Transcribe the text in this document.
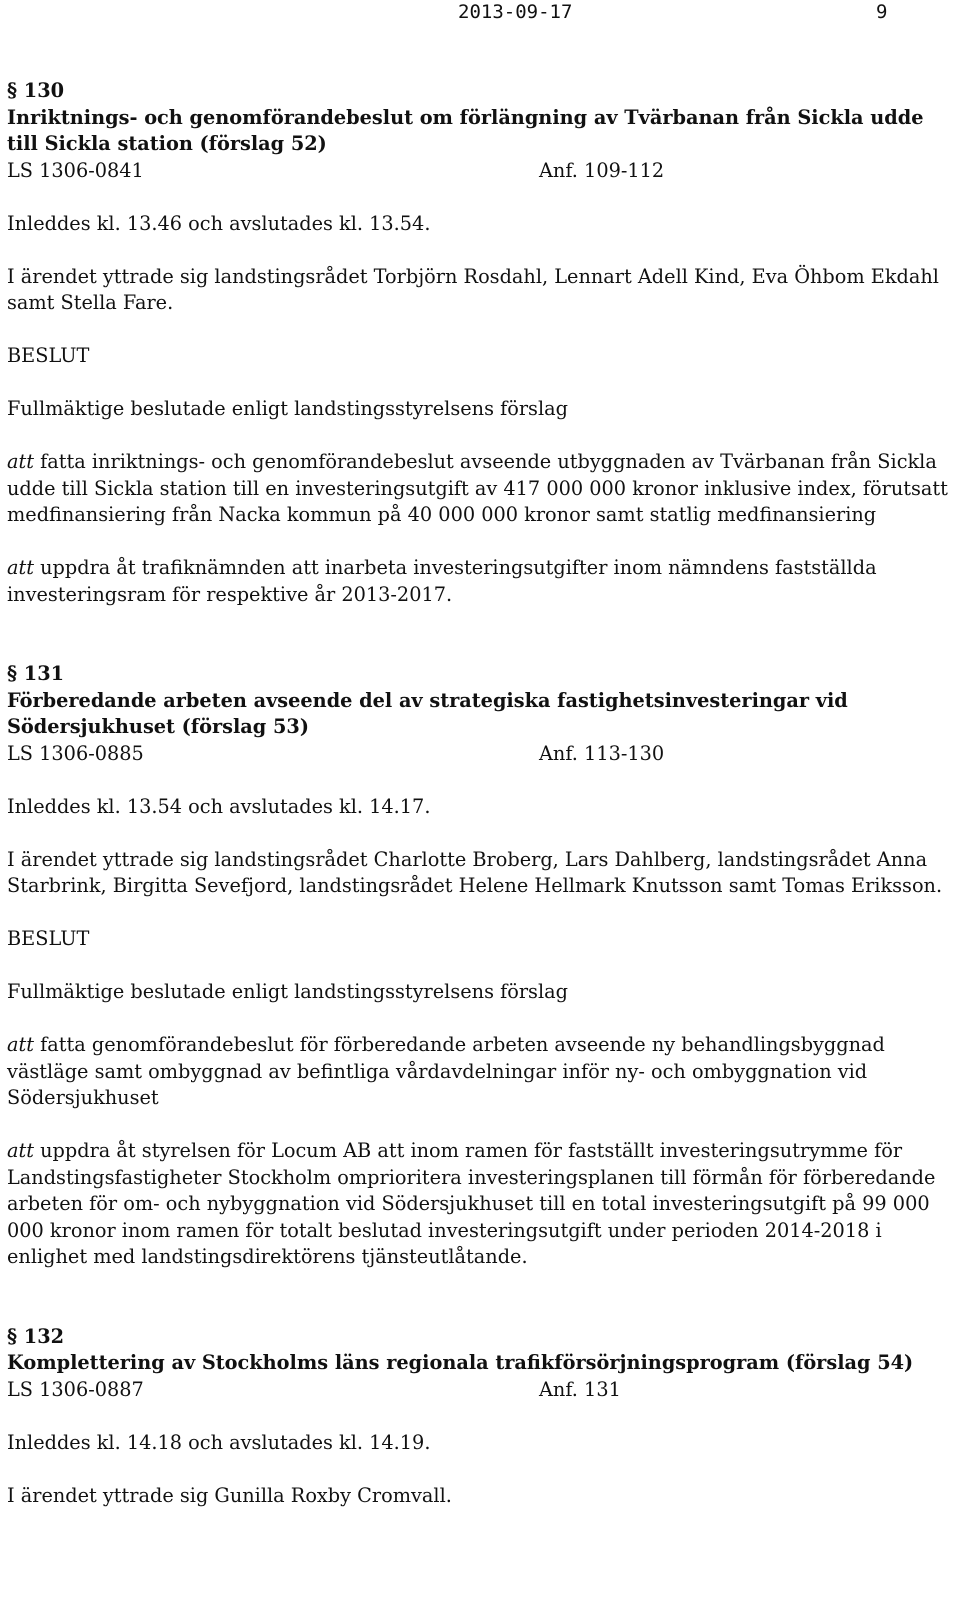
2013-09-17	9
§ 130
Inriktnings- och genomförandebeslut om förlängning av Tvärbanan från Sickla udde till Sickla station (förslag 52)
LS 1306-0841	Anf. 109-112
Inleddes kl. 13.46 och avslutades kl. 13.54.
I ärendet yttrade sig landstingsrådet Torbjörn Rosdahl, Lennart Adell Kind, Eva Öhbom Ekdahl samt Stella Fare.
BESLUT
Fullmäktige beslutade enligt landstingsstyrelsens förslag
att fatta inriktnings- och genomförandebeslut avseende utbyggnaden av Tvärbanan från Sickla udde till Sickla station till en investeringsutgift av 417 000 000 kronor inklusive index, förutsatt medfinansiering från Nacka kommun på 40 000 000 kronor samt statlig medfinansiering
att uppdra åt trafiknämnden att inarbeta investeringsutgifter inom nämndens fastställda investeringsram för respektive år 2013-2017.
§ 131
Förberedande arbeten avseende del av strategiska fastighetsinvesteringar vid Södersjukhuset (förslag 53)
LS 1306-0885	Anf. 113-130
Inleddes kl. 13.54 och avslutades kl. 14.17.
I ärendet yttrade sig landstingsrådet Charlotte Broberg, Lars Dahlberg, landstingsrådet Anna Starbrink, Birgitta Sevefjord, landstingsrådet Helene Hellmark Knutsson samt Tomas Eriksson.
BESLUT
Fullmäktige beslutade enligt landstingsstyrelsens förslag
att fatta genomförandebeslut för förberedande arbeten avseende ny behandlingsbyggnad västläge samt ombyggnad av befintliga vårdavdelningar inför ny- och ombyggnation vid Södersjukhuset
att uppdra åt styrelsen för Locum AB att inom ramen för fastställt investeringsutrymme för Landstingsfastigheter Stockholm omprioritera investeringsplanen till förmån för förberedande arbeten för om- och nybyggnation vid Södersjukhuset till en total investeringsutgift på 99 000 000 kronor inom ramen för totalt beslutad investeringsutgift under perioden 2014-2018 i enlighet med landstingsdirektörens tjänsteutlåtande.
§ 132
Komplettering av Stockholms läns regionala trafikförsörjningsprogram (förslag 54)
LS 1306-0887	Anf. 131
Inleddes kl. 14.18 och avslutades kl. 14.19.
I ärendet yttrade sig Gunilla Roxby Cromvall.
